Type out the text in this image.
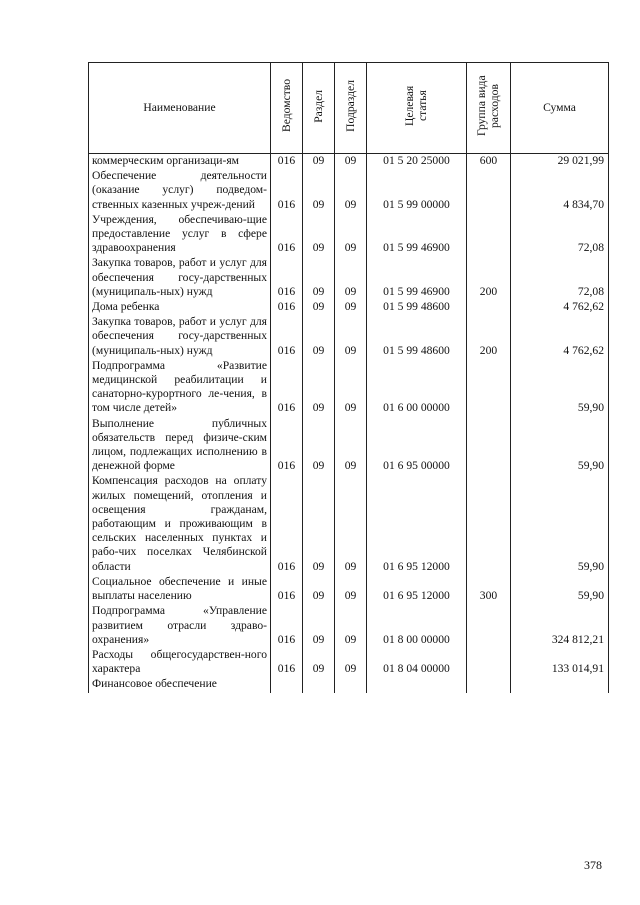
Наименование	Ведомство	Раздел	Подраздел	Целевая статья	Группа вида расходов	Сумма
коммерческим организаци-ям	016	09	09	01 5 20 25000	600	29 021,99
Обеспечение деятельности (оказание услуг) подведом-ственных казенных учреж-дений	016	09	09	01 5 99 00000		4 834,70
Учреждения, обеспечиваю-щие предоставление услуг в сфере здравоохранения	016	09	09	01 5 99 46900		72,08
Закупка товаров, работ и услуг для обеспечения госу-дарственных (муниципаль-ных) нужд	016	09	09	01 5 99 46900	200	72,08
Дома ребенка	016	09	09	01 5 99 48600		4 762,62
Закупка товаров, работ и услуг для обеспечения госу-дарственных (муниципаль-ных) нужд	016	09	09	01 5 99 48600	200	4 762,62
Подпрограмма «Развитие медицинской реабилитации и санаторно-курортного ле-чения, в том числе детей»	016	09	09	01 6 00 00000		59,90
Выполнение публичных обязательств перед физиче-ским лицом, подлежащих исполнению в денежной форме	016	09	09	01 6 95 00000		59,90
Компенсация расходов на оплату жилых помещений, отопления и освещения гражданам, работающим и проживающим в сельских населенных пунктах и рабо-чих поселках Челябинской области	016	09	09	01 6 95 12000		59,90
Социальное обеспечение и иные выплаты населению	016	09	09	01 6 95 12000	300	59,90
Подпрограмма «Управление развитием отрасли здраво-охранения»	016	09	09	01 8 00 00000		324 812,21
Расходы общегосударствен-ного характера	016	09	09	01 8 04 00000		133 014,91
Финансовое обеспечение						
378
